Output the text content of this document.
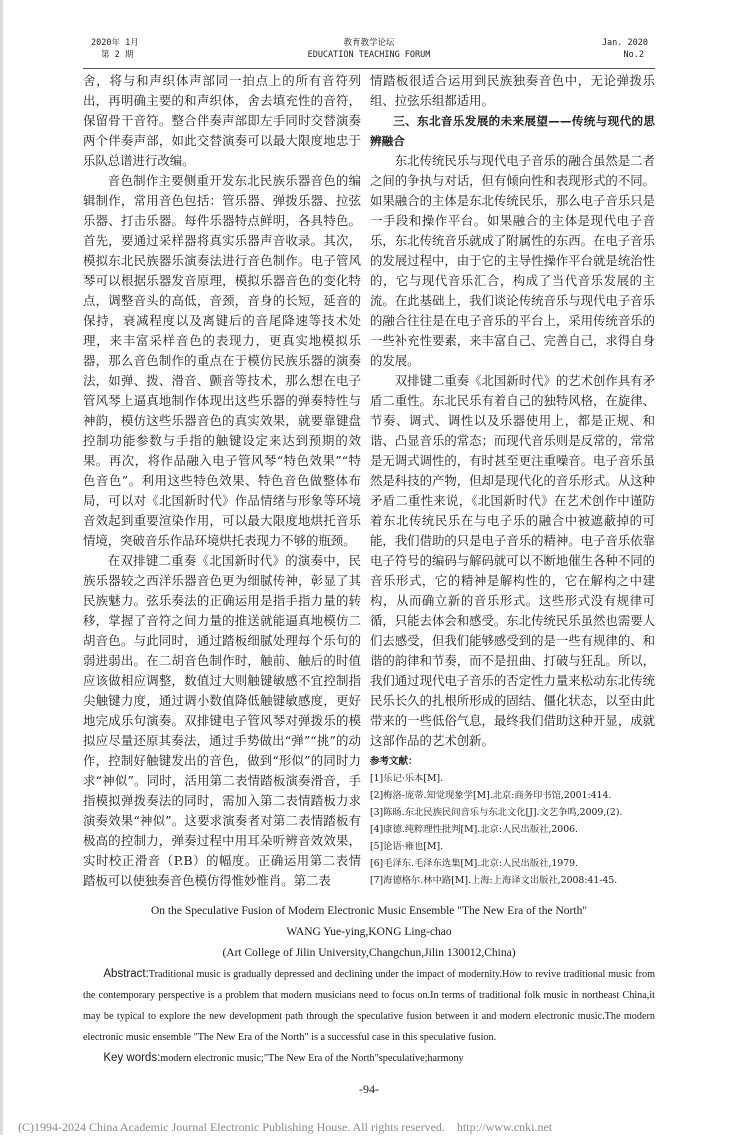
2020年 1月
第 2 期
教育教学论坛
EDUCATION TEACHING FORUM
Jan. 2020
No.2

舍，将与和声织体声部同一拍点上的所有音符列出，再明确主要的和声织体，舍去填充性的音符，保留骨干音符。整合伴奏声部即左手同时交替演奏两个伴奏声部，如此交替演奏可以最大限度地忠于乐队总谱进行改编。

音色制作主要侧重开发东北民族乐器音色的编辑制作，常用音色包括：管乐器、弹拨乐器、拉弦乐器、打击乐器。每件乐器特点鲜明，各具特色。首先，要通过采样器将真实乐器声音收录。其次，模拟东北民族器乐演奏法进行音色制作。电子管风琴可以根据乐器发音原理，模拟乐器音色的变化特点，调整音头的高低，音颈，音身的长短，延音的保持，衰减程度以及离键后的音尾降速等技术处理，来丰富采样音色的表现力，更真实地模拟乐器，那么音色制作的重点在于模仿民族乐器的演奏法，如弹、拨、滑音、颤音等技术，那么想在电子管风琴上逼真地制作体现出这些乐器的弹奏特性与神韵，模仿这些乐器音色的真实效果，就要靠键盘控制功能参数与手指的触键设定来达到预期的效果。再次，将作品融入电子管风琴“特色效果”“特色音色”。利用这些特色效果、特色音色做整体布局，可以对《北国新时代》作品情绪与形象等环境音效起到重要渲染作用，可以最大限度地烘托音乐情境，突破音乐作品环境烘托表现力不够的瓶颈。

在双排键二重奏《北国新时代》的演奏中，民族乐器较之西洋乐器音色更为细腻传神，彰显了其民族魅力。弦乐奏法的正确运用是指手指力量的转移，掌握了音符之间力量的推送就能逼真地模仿二胡音色。与此同时，通过踏板细腻处理每个乐句的弱进弱出。在二胡音色制作时，触前、触后的时值应该做相应调整，数值过大则触键敏感不宜控制指尖触键力度，通过调小数值降低触键敏感度，更好地完成乐句演奏。双排键电子管风琴对弹拨乐的模拟应尽量还原其奏法，通过手势做出“弹”“挑”的动作，控制好触键发出的音色，做到“形似”的同时力求“神似”。同时，活用第二表情踏板演奏滑音，手指模拟弹拨奏法的同时，需加入第二表情踏板力求演奏效果“神似”。这要求演奏者对第二表情踏板有极高的控制力，弹奏过程中用耳朵听辨音效效果，实时校正滑音（P.B）的幅度。正确运用第二表情踏板可以使独奏音色模仿得惟妙惟肖。第二表

情踏板很适合运用到民族独奏音色中，无论弹拨乐组、拉弦乐组都适用。

三、东北音乐发展的未来展望——传统与现代的思辨融合

东北传统民乐与现代电子音乐的融合虽然是二者之间的争执与对话，但有倾向性和表现形式的不同。如果融合的主体是东北传统民乐，那么电子音乐只是一手段和操作平台。如果融合的主体是现代电子音乐，东北传统音乐就成了附属性的东西。在电子音乐的发展过程中，由于它的主导性操作平台就是统治性的，它与现代音乐汇合，构成了当代音乐发展的主流。在此基础上，我们谈论传统音乐与现代电子音乐的融合往往是在电子音乐的平台上，采用传统音乐的一些补充性要素，来丰富自己、完善自己，求得自身的发展。

双排键二重奏《北国新时代》的艺术创作具有矛盾二重性。东北民乐有着自己的独特风格，在旋律、节奏、调式、调性以及乐器使用上，都是正规、和谐、凸显音乐的常态；而现代音乐则是反常的，常常是无调式调性的，有时甚至更注重噪音。电子音乐虽然是科技的产物，但却是现代化的音乐形式。从这种矛盾二重性来说，《北国新时代》在艺术创作中谨防着东北传统民乐在与电子乐的融合中被遮蔽掉的可能，我们借助的只是电子音乐的精神。电子音乐依靠电子符号的编码与解码就可以不断地催生各种不同的音乐形式，它的精神是解构性的，它在解构之中建构，从而确立新的音乐形式。这些形式没有规律可循，只能去体会和感受。东北传统民乐虽然也需要人们去感受，但我们能够感受到的是一些有规律的、和谐的韵律和节奏，而不是扭曲、打破与狂乱。所以，我们通过现代电子音乐的否定性力量来松动东北传统民乐长久的扎根所形成的固结、僵化状态，以至由此带来的一些低俗气息，最终我们借助这种开显，成就这部作品的艺术创新。

参考文献：

[1]乐记·乐本[M].
[2]梅洛-庞蒂.知觉现象学[M].北京:商务印书馆,2001:414.
[3]陈旸.东北民族民间音乐与东北文化[J].文艺争鸣,2009,(2).
[4]康德.纯粹理性批判[M].北京:人民出版社,2006.
[5]论语·雍也[M].
[6]毛泽东.毛泽东选集[M].北京:人民出版社,1979.
[7]海德格尔.林中路[M].上海:上海译文出版社,2008:41-45.
On the Speculative Fusion of Modern Electronic Music Ensemble "The New Era of the North"
WANG Yue-ying,KONG Ling-chao
(Art College of Jilin University,Changchun,Jilin 130012,China)
Abstract:Traditional music is gradually depressed and declining under the impact of modernity.How to revive traditional music from the contemporary perspective is a problem that modern musicians need to focus on.In terms of traditional folk music in northeast China,it may be typical to explore the new development path through the speculative fusion between it and modern electronic music.The modern electronic music ensemble "The New Era of the North" is a successful case in this speculative fusion.
Key words:modern electronic music;"The New Era of the North"speculative;harmony
-94-
(C)1994-2024 China Academic Journal Electronic Publishing House. All rights reserved. http://www.cnki.net
